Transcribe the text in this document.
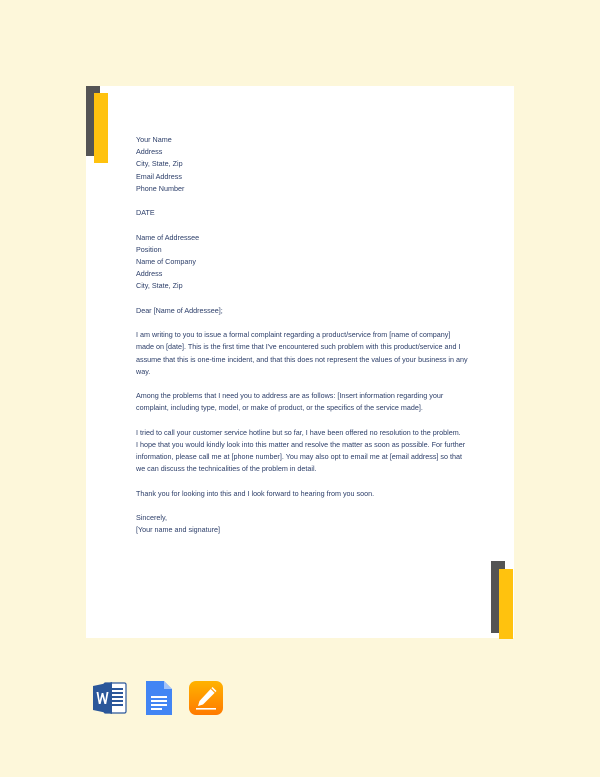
Your Name
Address
City, State, Zip
Email Address
Phone Number

DATE

Name of Addressee
Position
Name of Company
Address
City, State, Zip

Dear [Name of Addressee];

I am writing to you to issue a formal complaint regarding a product/service from [name of company]
made on [date]. This is the first time that I've encountered such problem with this product/service and I
assume that this is one-time incident, and that this does not represent the values of your business in any
way.

Among the problems that I need you to address are as follows: [Insert information regarding your
complaint, including type, model, or make of product, or the specifics of the service made].

I tried to call your customer service hotline but so far, I have been offered no resolution to the problem.
I hope that you would kindly look into this matter and resolve the matter as soon as possible. For further
information, please call me at [phone number]. You may also opt to email me at [email address] so that
we can discuss the technicalities of the problem in detail.

Thank you for looking into this and I look forward to hearing from you soon.

Sincerely,
[Your name and signature]
